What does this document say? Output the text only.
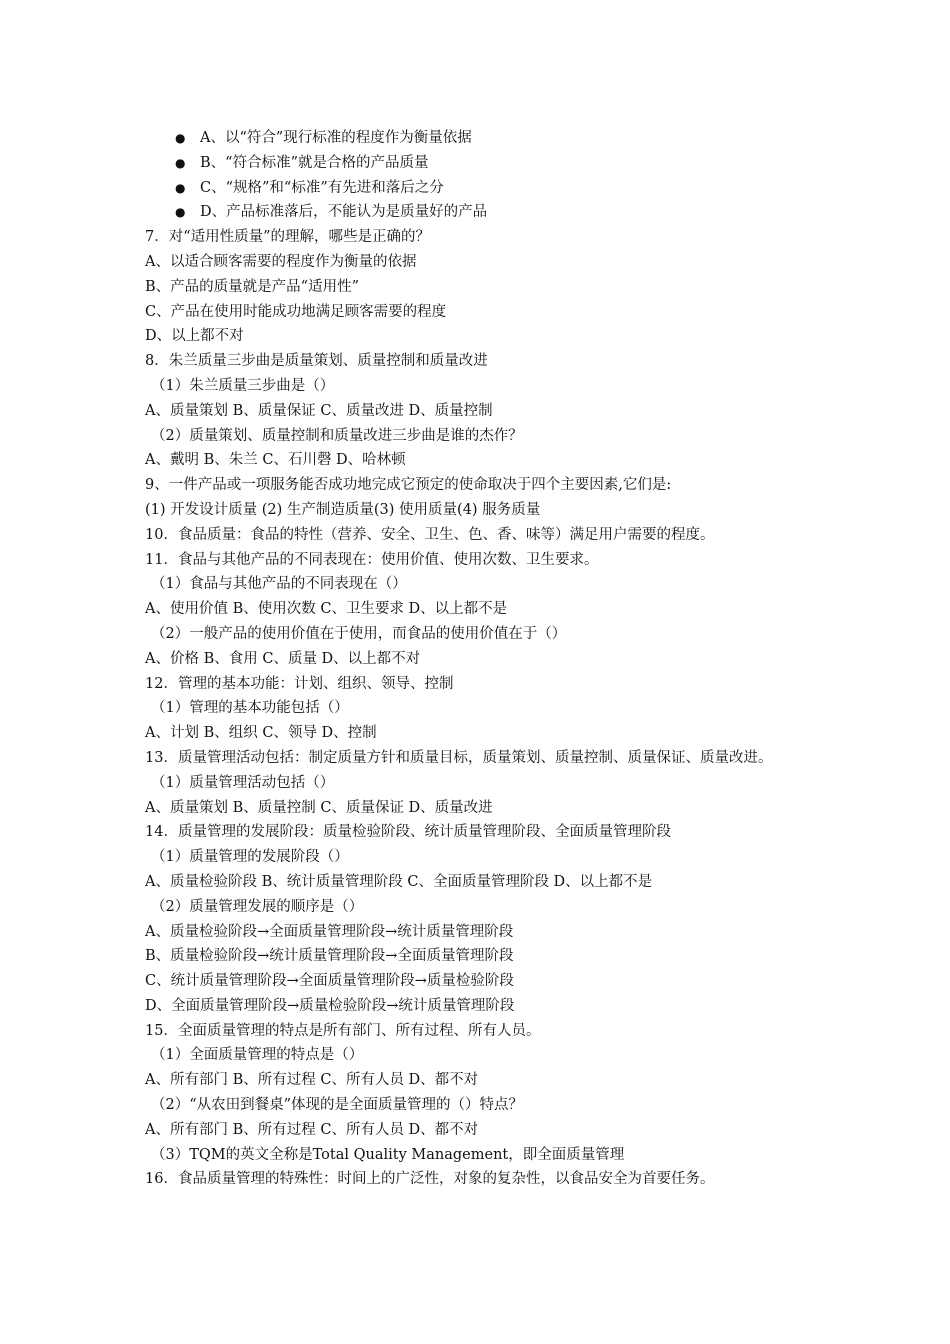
● A、以“符合”现行标准的程度作为衡量依据
● B、“符合标准”就是合格的产品质量
● C、“规格”和“标准”有先进和落后之分
● D、产品标准落后，不能认为是质量好的产品
7．对“适用性质量”的理解，哪些是正确的？
A、以适合顾客需要的程度作为衡量的依据
B、产品的质量就是产品“适用性”
C、产品在使用时能成功地满足顾客需要的程度
D、以上都不对
8．朱兰质量三步曲是质量策划、质量控制和质量改进
（1）朱兰质量三步曲是（）
A、质量策划 B、质量保证 C、质量改进 D、质量控制
（2）质量策划、质量控制和质量改进三步曲是谁的杰作？
A、戴明 B、朱兰 C、石川磬 D、哈林顿
9、一件产品或一项服务能否成功地完成它预定的使命取决于四个主要因素,它们是:
(1) 开发设计质量 (2) 生产制造质量(3) 使用质量(4) 服务质量
10．食品质量：食品的特性（营养、安全、卫生、色、香、味等）满足用户需要的程度。
11．食品与其他产品的不同表现在：使用价值、使用次数、卫生要求。
（1）食品与其他产品的不同表现在（）
A、使用价值 B、使用次数 C、卫生要求 D、以上都不是
（2）一般产品的使用价值在于使用，而食品的使用价值在于（）
A、价格 B、食用 C、质量 D、以上都不对
12．管理的基本功能：计划、组织、领导、控制
（1）管理的基本功能包括（）
A、计划 B、组织 C、领导 D、控制
13．质量管理活动包括：制定质量方针和质量目标，质量策划、质量控制、质量保证、质量改进。
（1）质量管理活动包括（）
A、质量策划 B、质量控制 C、质量保证 D、质量改进
14．质量管理的发展阶段：质量检验阶段、统计质量管理阶段、全面质量管理阶段
（1）质量管理的发展阶段（）
A、质量检验阶段 B、统计质量管理阶段 C、全面质量管理阶段 D、以上都不是
（2）质量管理发展的顺序是（）
A、质量检验阶段→全面质量管理阶段→统计质量管理阶段
B、质量检验阶段→统计质量管理阶段→全面质量管理阶段
C、统计质量管理阶段→全面质量管理阶段→质量检验阶段
D、全面质量管理阶段→质量检验阶段→统计质量管理阶段
15．全面质量管理的特点是所有部门、所有过程、所有人员。
（1）全面质量管理的特点是（）
A、所有部门 B、所有过程 C、所有人员 D、都不对
（2）“从农田到餐桌”体现的是全面质量管理的（）特点？
A、所有部门 B、所有过程 C、所有人员 D、都不对
（3）TQM的英文全称是Total Quality Management，即全面质量管理
16．食品质量管理的特殊性：时间上的广泛性，对象的复杂性，以食品安全为首要任务。
